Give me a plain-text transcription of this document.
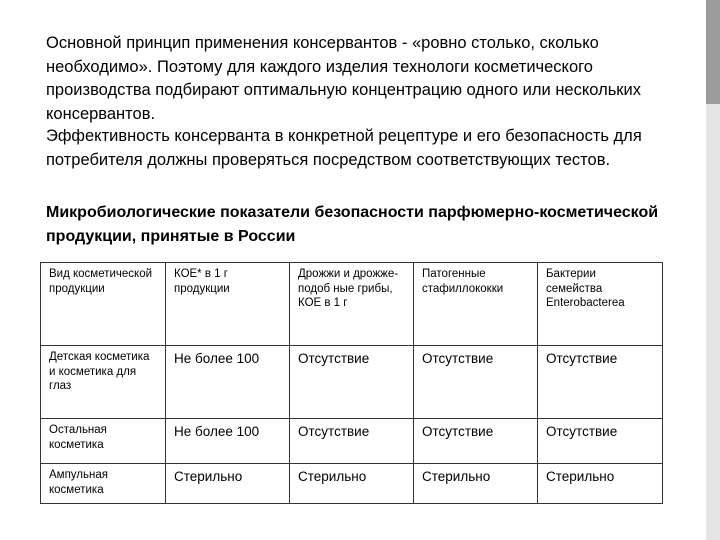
Основной принцип применения консервантов - «ровно столько, сколько необходимо». Поэтому для каждого изделия технологи косметического производства подбирают оптимальную концентрацию одного или нескольких консервантов.

Эффективность консерванта в конкретной рецептуре и его безопасность для потребителя должны проверяться посредством соответствующих тестов.

Микробиологические показатели безопасности парфюмерно-косметической продукции, принятые в России

Вид косметической продукции	КОЕ* в 1 г продукции	Дрожжи и дрожже-подоб ные грибы, КОЕ в 1 г	Патогенные стафиллококки	Бактерии семейства Enterobacterea
Детская косметика и косметика для глаз	Не более 100	Отсутствие	Отсутствие	Отсутствие
Остальная косметика	Не более 100	Отсутствие	Отсутствие	Отсутствие
Ампульная косметика	Стерильно	Стерильно	Стерильно	Стерильно
